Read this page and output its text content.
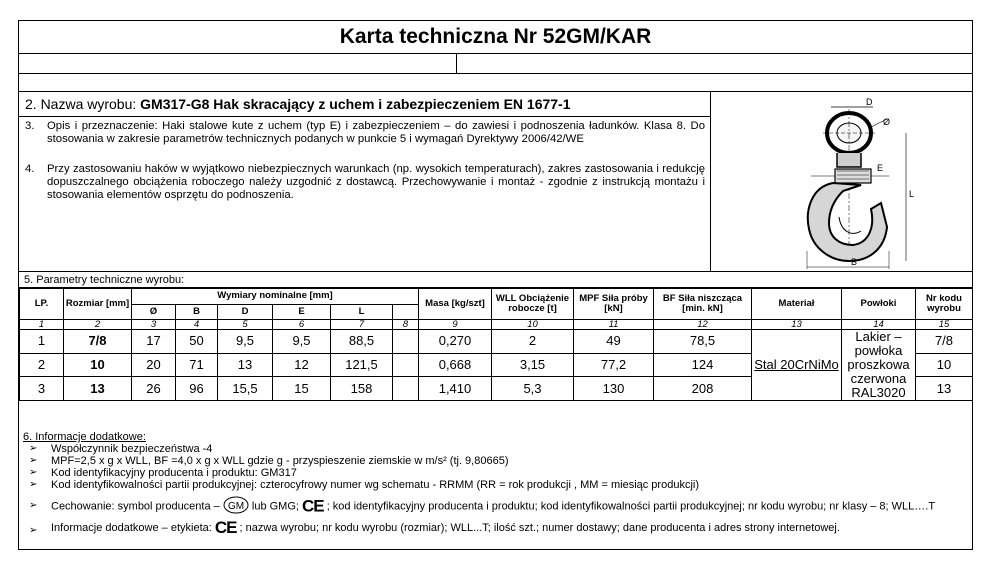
Karta techniczna Nr 52GM/KAR
2. Nazwa wyrobu: GM317-G8 Hak skracający z uchem i zabezpieczeniem EN 1677-1
3. Opis i przeznaczenie: Haki stalowe kute z uchem (typ E) i zabezpieczeniem – do zawiesi i podnoszenia ładunków. Klasa 8. Do stosowania w zakresie parametrów technicznych podanych w punkcie 5 i wymagań Dyrektywy 2006/42/WE
4. Przy zastosowaniu haków w wyjątkowo niebezpiecznych warunkach (np. wysokich temperaturach), zakres zastosowania i redukcję dopuszczalnego obciążenia roboczego należy uzgodnić z dostawcą. Przechowywanie i montaż - zgodnie z instrukcją montażu i stosowania elementów osprzętu do podnoszenia.
D
Ø
E
L
B
5. Parametry techniczne wyrobu:
LP.	Rozmiar [mm]	Wymiary nominalne [mm]						Masa [kg/szt]	WLL Obciążenie robocze [t]	MPF Siła próby [kN]	BF Siła niszcząca [min. kN]	Materiał	Powłoki	Nr kodu wyrobu
		Ø	B	D	E	L								
1	2	3	4	5	6	7	8	9	10	11	12	13	14	15
1	7/8	17	50	9,5	9,5	88,5		0,270	2	49	78,5	Stal 20CrNiMo	Lakier – powłoka proszkowa czerwona RAL3020	7/8
2	10	20	71	13	12	121,5		0,668	3,15	77,2	124			10
3	13	26	96	15,5	15	158		1,410	5,3	130	208			13
6. Informacje dodatkowe:
➢ Współczynnik bezpieczeństwa -4
➢ MPF=2,5 x g x WLL, BF =4,0 x g x WLL gdzie g - przyspieszenie ziemskie w m/s² (tj. 9,80665)
➢ Kod identyfikacyjny producenta i produktu: GM317
➢ Kod identyfikowalności partii produkcyjnej: czterocyfrowy numer wg schematu - RRMM (RR = rok produkcji , MM = miesiąc produkcji)
➢ Cechowanie: symbol producenta – GM lub GMG; CE ; kod identyfikacyjny producenta i produktu; kod identyfikowalności partii produkcyjnej; nr kodu wyrobu; nr klasy – 8; WLL….T
➢ Informacje dodatkowe – etykieta: CE ; nazwa wyrobu; nr kodu wyrobu (rozmiar); WLL...T; ilość szt.; numer dostawy; dane producenta i adres strony internetowej.
